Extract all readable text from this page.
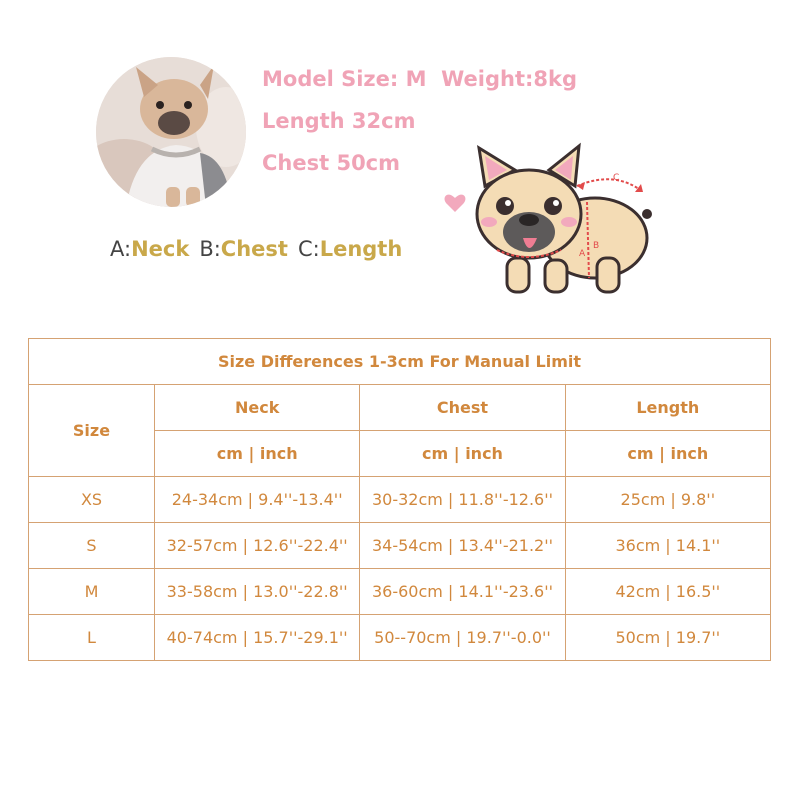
Model Size: M  Weight:8kg
Length 32cm
Chest 50cm
A:Neck B:Chest C:Length	A
B
C
Size Differences 1-3cm For Manual Limit			
Size	Neck	Chest	Length
	cm | inch	cm | inch	cm | inch
XS	24-34cm | 9.4''-13.4''	30-32cm | 11.8''-12.6''	25cm | 9.8''
S	32-57cm | 12.6''-22.4''	34-54cm | 13.4''-21.2''	36cm | 14.1''
M	33-58cm | 13.0''-22.8''	36-60cm | 14.1''-23.6''	42cm | 16.5''
L	40-74cm | 15.7''-29.1''	50--70cm | 19.7''-0.0''	50cm | 19.7''
